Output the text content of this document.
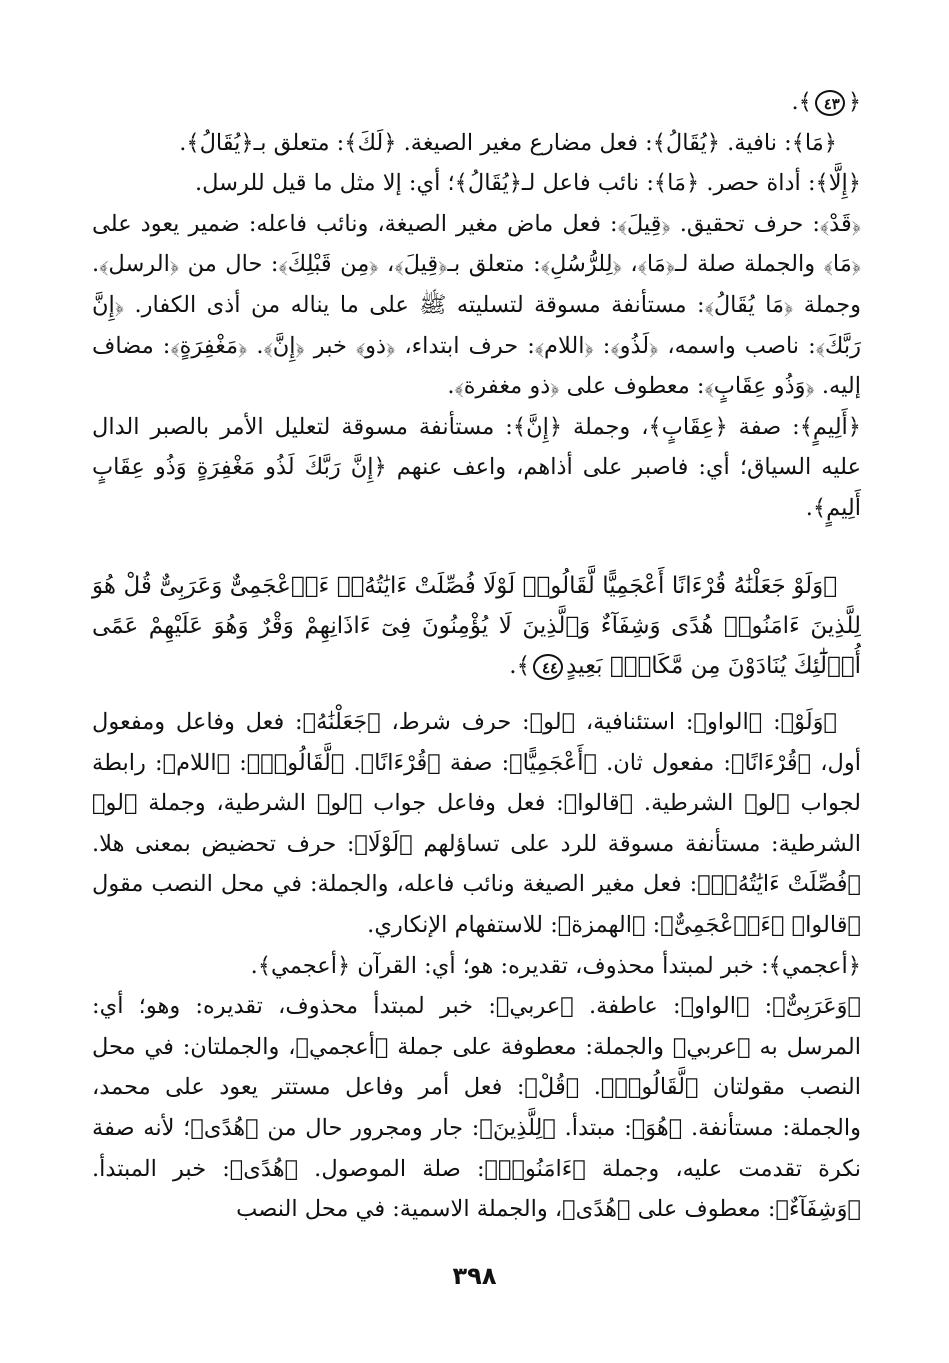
﴿٤٣﴾.

﴿مَا﴾: نافية. ﴿يُقَالُ﴾: فعل مضارع مغير الصيغة. ﴿لَكَ﴾: متعلق بـ﴿يُقَالُ﴾.

﴿إِلَّا﴾: أداة حصر. ﴿مَا﴾: نائب فاعل لـ﴿يُقَالُ﴾؛ أي: إلا مثل ما قيل للرسل.

﴿قَدْ﴾: حرف تحقيق. ﴿قِيلَ﴾: فعل ماض مغير الصيغة، ونائب فاعله: ضمير يعود على ﴿مَا﴾ والجملة صلة لـ﴿مَا﴾، ﴿لِلرُّسُلِ﴾: متعلق بـ﴿قِيلَ﴾، ﴿مِن قَبْلِكَ﴾: حال من ﴿الرسل﴾. وجملة ﴿مَا يُقَالُ﴾: مستأنفة مسوقة لتسليته ﷺ على ما يناله من أذى الكفار. ﴿إِنَّ رَبَّكَ﴾: ناصب واسمه، ﴿لَذُو﴾: ﴿اللام﴾: حرف ابتداء، ﴿ذو﴾ خبر ﴿إِنَّ﴾. ﴿مَغْفِرَةٍ﴾: مضاف إليه. ﴿وَذُو عِقَابٍ﴾: معطوف على ﴿ذو مغفرة﴾.

﴿أَلِيمٍ﴾: صفة ﴿عِقَابٍ﴾، وجملة ﴿إِنَّ﴾: مستأنفة مسوقة لتعليل الأمر بالصبر الدال عليه السياق؛ أي: فاصبر على أذاهم، واعف عنهم ﴿إِنَّ رَبَّكَ لَذُو مَغْفِرَةٍ وَذُو عِقَابٍ أَلِيمٍ﴾.

﴿وَلَوْ جَعَلْنَٰهُ قُرْءَانًا أَعْجَمِيًّا لَّقَالُوا۟ لَوْلَا فُصِّلَتْ ءَايَٰتُهُۥٓ ءَا۬عْجَمِىٌّ وَعَرَبِىٌّ قُلْ هُوَ لِلَّذِينَ ءَامَنُوا۟ هُدًى وَشِفَآءٌ وَٱلَّذِينَ لَا يُؤْمِنُونَ فِىٓ ءَاذَانِهِمْ وَقْرٌ وَهُوَ عَلَيْهِمْ عَمًى أُو۟لَٰٓئِكَ يُنَادَوْنَ مِن مَّكَانٍۭ بَعِيدٍ٤٤﴾.

﴿وَلَوْ﴾: ﴿الواو﴾: استئنافية، ﴿لو﴾: حرف شرط، ﴿جَعَلْنَٰهُ﴾: فعل وفاعل ومفعول أول، ﴿قُرْءَانًا﴾: مفعول ثان. ﴿أَعْجَمِيًّا﴾: صفة ﴿قُرْءَانًا﴾. ﴿لَّقَالُوا۟﴾: ﴿اللام﴾: رابطة لجواب ﴿لو﴾ الشرطية. ﴿قالوا﴾: فعل وفاعل جواب ﴿لو﴾ الشرطية، وجملة ﴿لو﴾ الشرطية: مستأنفة مسوقة للرد على تساؤلهم ﴿لَوْلَا﴾: حرف تحضيض بمعنى هلا. ﴿فُصِّلَتْ ءَايَٰتُهُۥٓ﴾: فعل مغير الصيغة ونائب فاعله، والجملة: في محل النصب مقول ﴿قالوا﴾ ﴿ءَا۬عْجَمِىٌّ﴾: ﴿الهمزة﴾: للاستفهام الإنكاري.

﴿أعجمي﴾: خبر لمبتدأ محذوف، تقديره: هو؛ أي: القرآن ﴿أعجمي﴾.

﴿وَعَرَبِىٌّ﴾: ﴿الواو﴾: عاطفة. ﴿عربي﴾: خبر لمبتدأ محذوف، تقديره: وهو؛ أي: المرسل به ﴿عربي﴾ والجملة: معطوفة على جملة ﴿أعجمي﴾، والجملتان: في محل النصب مقولتان ﴿لَّقَالُوا۟﴾. ﴿قُلْ﴾: فعل أمر وفاعل مستتر يعود على محمد، والجملة: مستأنفة. ﴿هُوَ﴾: مبتدأ. ﴿لِلَّذِينَ﴾: جار ومجرور حال من ﴿هُدًى﴾؛ لأنه صفة نكرة تقدمت عليه، وجملة ﴿ءَامَنُوا۟﴾: صلة الموصول. ﴿هُدًى﴾: خبر المبتدأ. ﴿وَشِفَآءٌ﴾: معطوف على ﴿هُدًى﴾، والجملة الاسمية: في محل النصب

٣٩٨
